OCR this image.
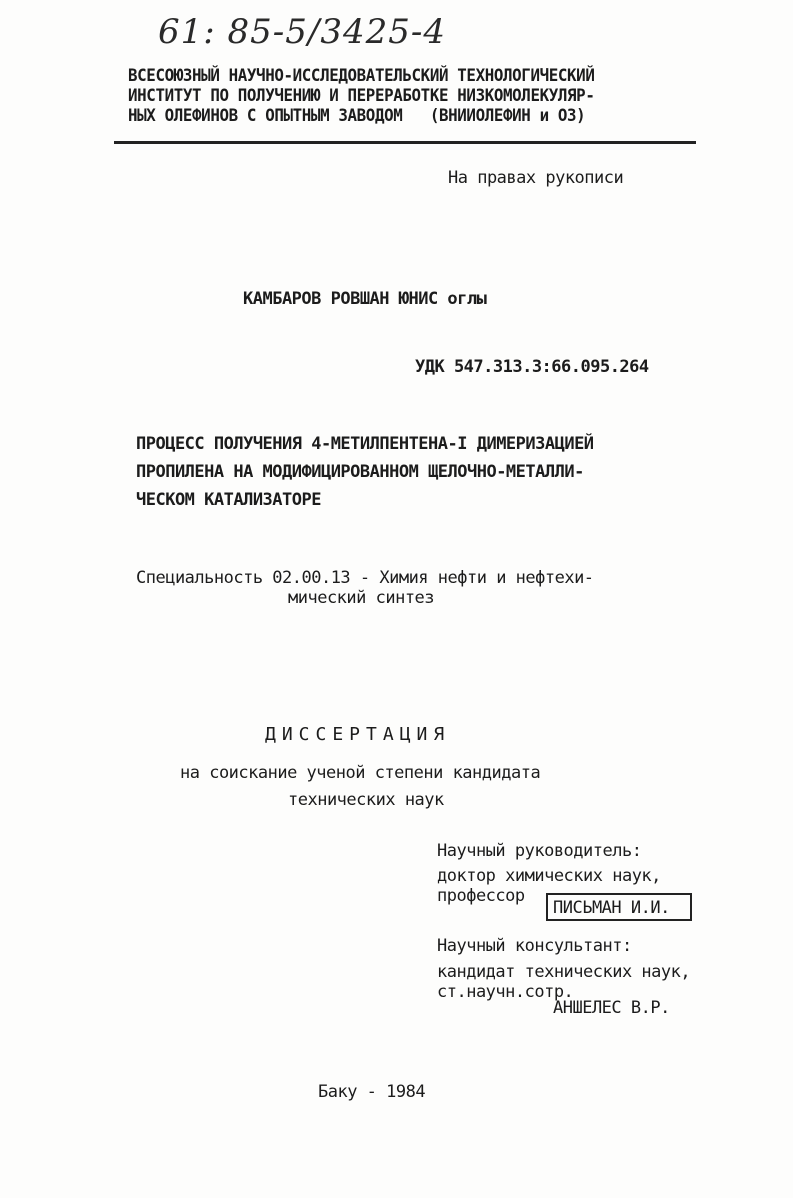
61: 85-5/3425-4
ВСЕСОЮЗНЫЙ НАУЧНО-ИССЛЕДОВАТЕЛЬСКИЙ ТЕХНОЛОГИЧЕСКИЙ
ИНСТИТУТ ПО ПОЛУЧЕНИЮ И ПЕРЕРАБОТКЕ НИЗКОМОЛЕКУЛЯР-
НЫХ ОЛЕФИНОВ С ОПЫТНЫМ ЗАВОДОМ   (ВНИИОЛЕФИН и ОЗ)
На правах рукописи
КАМБАРОВ РОВШАН ЮНИС оглы
УДК 547.313.3:66.095.264
ПРОЦЕСС ПОЛУЧЕНИЯ 4-МЕТИЛПЕНТЕНА-I ДИМЕРИЗАЦИЕЙ
ПРОПИЛЕНА НА МОДИФИЦИРОВАННОМ ЩЕЛОЧНО-МЕТАЛЛИ-
ЧЕСКОМ КАТАЛИЗАТОРЕ
Специальность 02.00.13 - Химия нефти и нефтехи-
мический синтез
ДИССЕРТАЦИЯ
на соискание ученой степени кандидата
технических наук
Научный руководитель:
доктор химических наук,
профессор
ПИСЬМАН И.И.
Научный консультант:
кандидат технических наук,
ст.научн.сотр.
АНШЕЛЕС В.Р.
Баку - 1984
